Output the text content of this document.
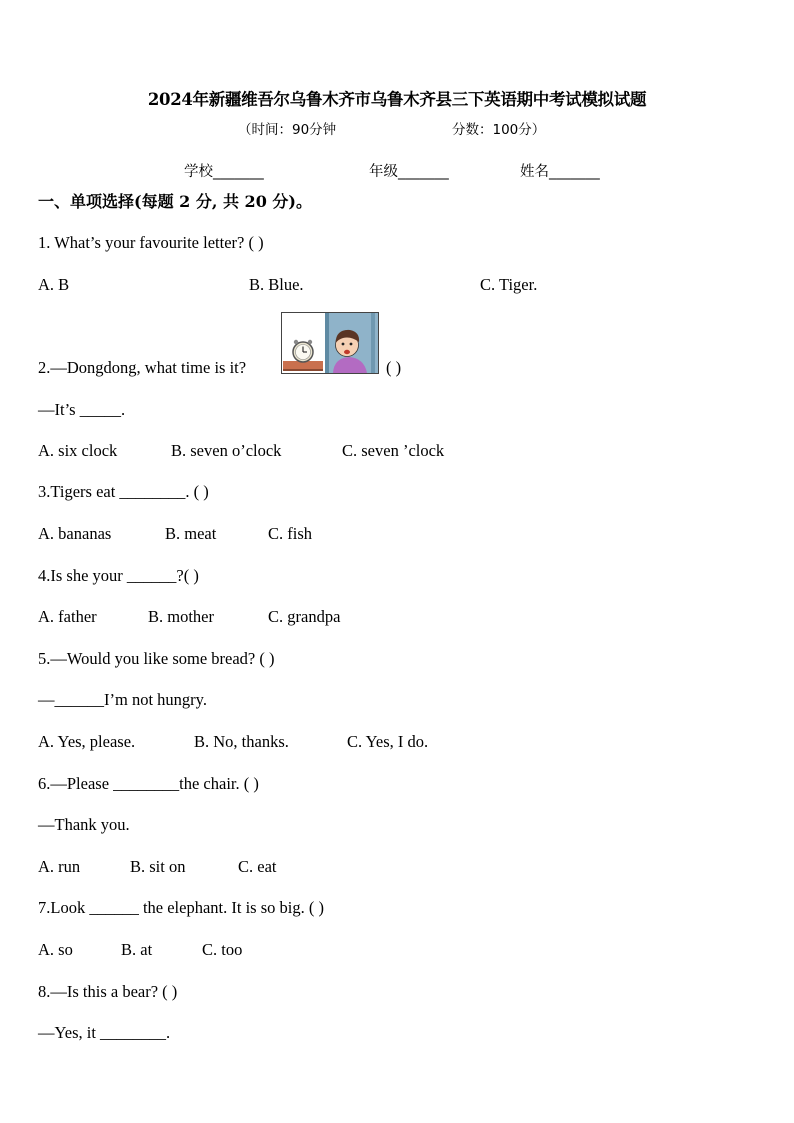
2024年新疆维吾尔乌鲁木齐市乌鲁木齐县三下英语期中考试模拟试题
（时间：90分钟	分数：100分）
学校_______	年级_______	姓名_______
一、单项选择(每题 2 分, 共 20 分)。
1. What’s your favourite letter? ( )
A. B	B. Blue.	C. Tiger.
2.—Dongdong, what time is it?	( )
—It’s _____.
A. six clock	B. seven o’clock	C. seven ’clock
3.Tigers eat ________. ( )
A. bananas	B. meat	C. fish
4.Is she your ______?( )
A. father	B. mother	C. grandpa
5.—Would you like some bread? ( )
—______I’m not hungry.
A. Yes, please.	B. No, thanks.	C. Yes, I do.
6.—Please ________the chair. ( )
—Thank you.
A. run	B. sit on	C. eat
7.Look ______ the elephant. It is so big. ( )
A. so	B. at	C. too
8.—Is this a bear? ( )
—Yes, it ________.
